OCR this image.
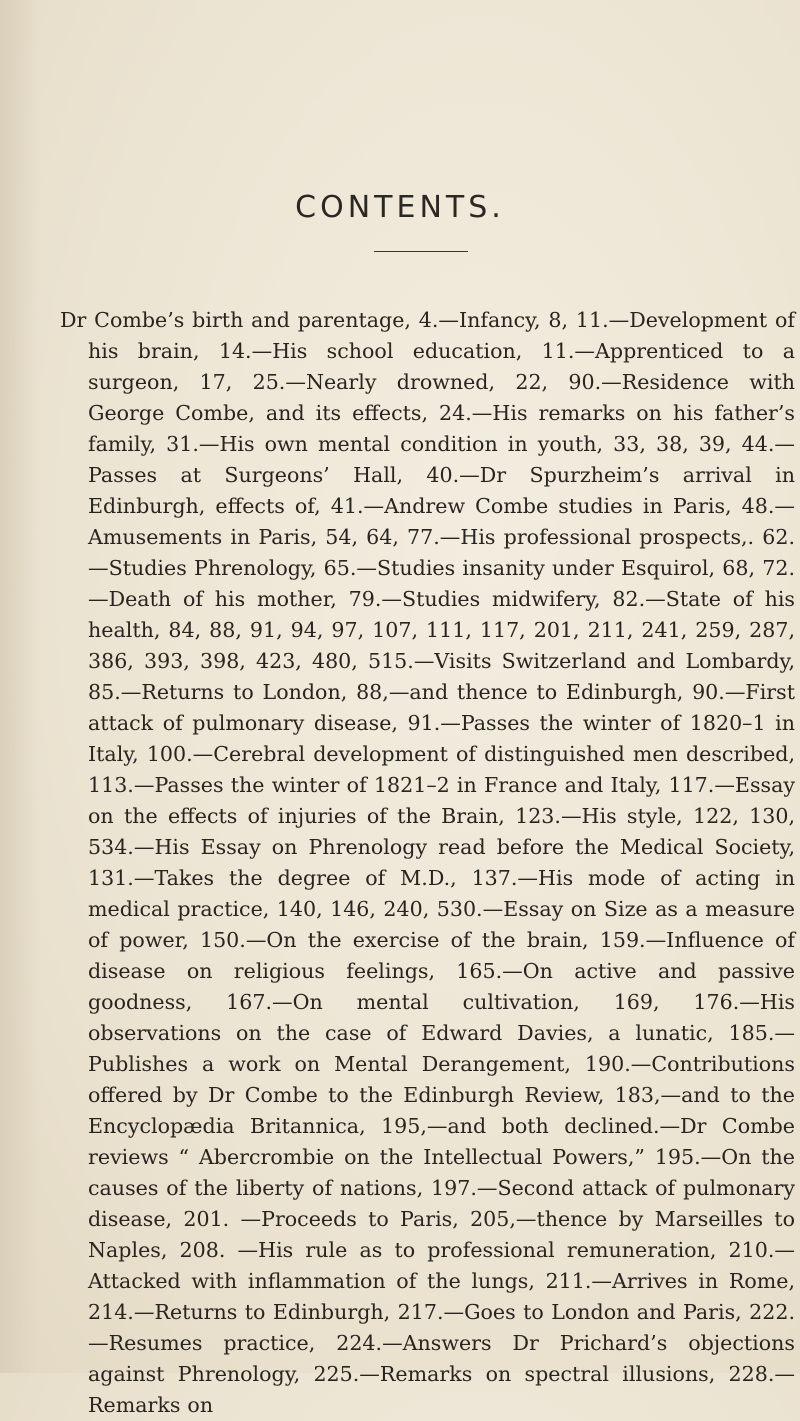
CONTENTS.

Dr Combe’s birth and parentage, 4.—Infancy, 8, 11.—Development of his brain, 14.—His school education, 11.—Apprenticed to a surgeon, 17, 25.—Nearly drowned, 22, 90.—Residence with George Combe, and its effects, 24.—His remarks on his father’s family, 31.—His own mental condition in youth, 33, 38, 39, 44.—Passes at Surgeons’ Hall, 40.—Dr Spurzheim’s arrival in Edinburgh, effects of, 41.—Andrew Combe studies in Paris, 48.—Amusements in Paris, 54, 64, 77.—His professional prospects,. 62.—Studies Phrenology, 65.—Studies insanity under Esquirol, 68, 72.—Death of his mother, 79.—Studies midwifery, 82.—State of his health, 84, 88, 91, 94, 97, 107, 111, 117, 201, 211, 241, 259, 287, 386, 393, 398, 423, 480, 515.—Visits Switzerland and Lombardy, 85.—Returns to London, 88,—and thence to Edinburgh, 90.—First attack of pulmonary disease, 91.—Passes the winter of 1820–1 in Italy, 100.—Cerebral development of distinguished men described, 113.—Passes the winter of 1821–2 in France and Italy, 117.—Essay on the effects of injuries of the Brain, 123.—His style, 122, 130, 534.—His Essay on Phrenology read before the Medical Society, 131.—Takes the degree of M.D., 137.—His mode of acting in medical practice, 140, 146, 240, 530.—Essay on Size as a measure of power, 150.—On the exercise of the brain, 159.—Influence of disease on religious feelings, 165.—On active and passive goodness, 167.—On mental cultivation, 169, 176.—His observations on the case of Edward Davies, a lunatic, 185.—Publishes a work on Mental Derangement, 190.—Contributions offered by Dr Combe to the Edinburgh Review, 183,—and to the Encyclopædia Britannica, 195,—and both declined.—Dr Combe reviews “ Abercrombie on the Intellectual Powers,” 195.—On the causes of the liberty of nations, 197.—Second attack of pulmonary disease, 201. —Proceeds to Paris, 205,—thence by Marseilles to Naples, 208. —His rule as to professional remuneration, 210.—Attacked with inflammation of the lungs, 211.—Arrives in Rome, 214.—Returns to Edinburgh, 217.—Goes to London and Paris, 222.—Resumes practice, 224.—Answers Dr Prichard’s objections against Phrenology, 225.—Remarks on spectral illusions, 228.—Remarks on
